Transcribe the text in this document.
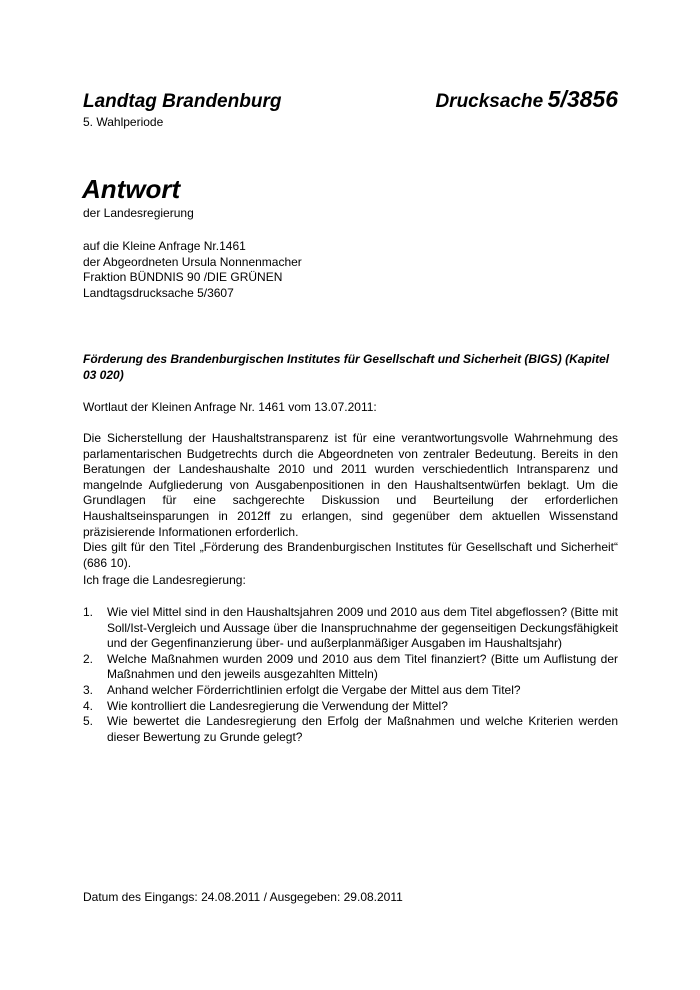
Landtag Brandenburg	Drucksache 5/3856
5. Wahlperiode
Antwort
der Landesregierung
auf die Kleine Anfrage Nr.1461
der Abgeordneten Ursula Nonnenmacher
Fraktion BÜNDNIS 90 /DIE GRÜNEN
Landtagsdrucksache 5/3607
Förderung des Brandenburgischen Institutes für Gesellschaft und Sicherheit (BIGS) (Kapitel 03 020)
Wortlaut der Kleinen Anfrage Nr. 1461 vom 13.07.2011:

Die Sicherstellung der Haushaltstransparenz ist für eine verantwortungsvolle Wahrnehmung des parlamentarischen Budgetrechts durch die Abgeordneten von zentraler Bedeutung. Bereits in den Beratungen der Landeshaushalte 2010 und 2011 wurden verschiedentlich Intransparenz und mangelnde Aufgliederung von Ausgabenpositionen in den Haushaltsentwürfen beklagt. Um die Grundlagen für eine sachgerechte Diskussion und Beurteilung der erforderlichen Haushaltseinsparungen in 2012ff zu erlangen, sind gegenüber dem aktuellen Wissenstand präzisierende Informationen erforderlich.

Dies gilt für den Titel „Förderung des Brandenburgischen Institutes für Gesellschaft und Sicherheit“ (686 10).

Ich frage die Landesregierung:
1.	Wie viel Mittel sind in den Haushaltsjahren 2009 und 2010 aus dem Titel abgeflossen? (Bitte mit Soll/Ist-Vergleich und Aussage über die Inanspruchnahme der gegenseitigen Deckungsfähigkeit und der Gegenfinanzierung über- und außerplanmäßiger Ausgaben im Haushaltsjahr)
2.	Welche Maßnahmen wurden 2009 und 2010 aus dem Titel finanziert? (Bitte um Auflistung der Maßnahmen und den jeweils ausgezahlten Mitteln)
3.	Anhand welcher Förderrichtlinien erfolgt die Vergabe der Mittel aus dem Titel?
4.	Wie kontrolliert die Landesregierung die Verwendung der Mittel?
5.	Wie bewertet die Landesregierung den Erfolg der Maßnahmen und welche Kriterien werden dieser Bewertung zu Grunde gelegt?
Datum des Eingangs: 24.08.2011 / Ausgegeben: 29.08.2011
